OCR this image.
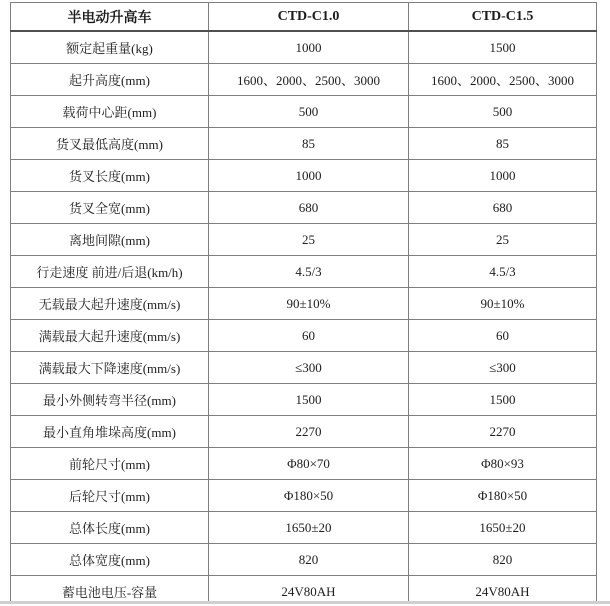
半电动升高车	CTD-C1.0	CTD-C1.5
额定起重量(kg)	1000	1500
起升高度(mm)	1600、2000、2500、3000	1600、2000、2500、3000
载荷中心距(mm)	500	500
货叉最低高度(mm)	85	85
货叉长度(mm)	1000	1000
货叉全宽(mm)	680	680
离地间隙(mm)	25	25
行走速度 前进/后退(km/h)	4.5/3	4.5/3
无载最大起升速度(mm/s)	90±10%	90±10%
满载最大起升速度(mm/s)	60	60
满载最大下降速度(mm/s)	≤300	≤300
最小外侧转弯半径(mm)	1500	1500
最小直角堆垛高度(mm)	2270	2270
前轮尺寸(mm)	Φ80×70	Φ80×93
后轮尺寸(mm)	Φ180×50	Φ180×50
总体长度(mm)	1650±20	1650±20
总体宽度(mm)	820	820
蓄电池电压-容量	24V80AH	24V80AH
